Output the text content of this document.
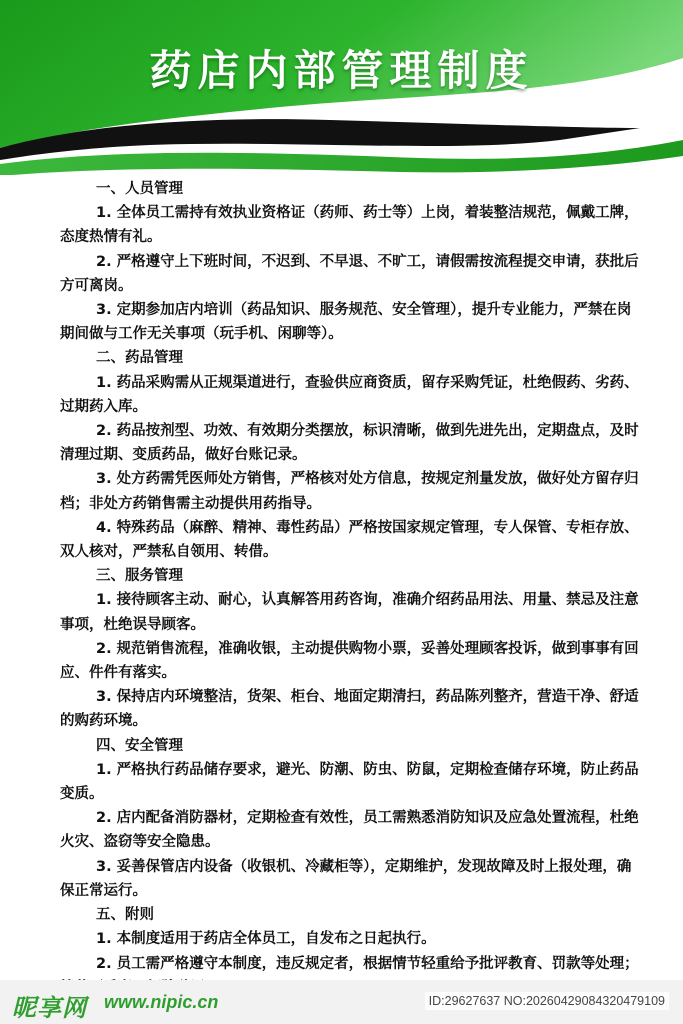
药店内部管理制度

一、人员管理

1. 全体员工需持有效执业资格证（药师、药士等）上岗，着装整洁规范，佩戴工牌，态度热情有礼。

2. 严格遵守上下班时间，不迟到、不早退、不旷工，请假需按流程提交申请，获批后方可离岗。

3. 定期参加店内培训（药品知识、服务规范、安全管理），提升专业能力，严禁在岗期间做与工作无关事项（玩手机、闲聊等）。

二、药品管理

1. 药品采购需从正规渠道进行，查验供应商资质，留存采购凭证，杜绝假药、劣药、过期药入库。

2. 药品按剂型、功效、有效期分类摆放，标识清晰，做到先进先出，定期盘点，及时清理过期、变质药品，做好台账记录。

3. 处方药需凭医师处方销售，严格核对处方信息，按规定剂量发放，做好处方留存归档；非处方药销售需主动提供用药指导。

4. 特殊药品（麻醉、精神、毒性药品）严格按国家规定管理，专人保管、专柜存放、双人核对，严禁私自领用、转借。

三、服务管理

1. 接待顾客主动、耐心，认真解答用药咨询，准确介绍药品用法、用量、禁忌及注意事项，杜绝误导顾客。

2. 规范销售流程，准确收银，主动提供购物小票，妥善处理顾客投诉，做到事事有回应、件件有落实。

3. 保持店内环境整洁，货架、柜台、地面定期清扫，药品陈列整齐，营造干净、舒适的购药环境。

四、安全管理

1. 严格执行药品储存要求，避光、防潮、防虫、防鼠，定期检查储存环境，防止药品变质。

2. 店内配备消防器材，定期检查有效性，员工需熟悉消防知识及应急处置流程，杜绝火灾、盗窃等安全隐患。

3. 妥善保管店内设备（收银机、冷藏柜等），定期维护，发现故障及时上报处理，确保正常运行。

五、附则

1. 本制度适用于药店全体员工，自发布之日起执行。

2. 员工需严格遵守本制度，违反规定者，根据情节轻重给予批评教育、罚款等处理；

昵享网 www.nipic.cn	ID:29627637 NO:20260429084320479109
